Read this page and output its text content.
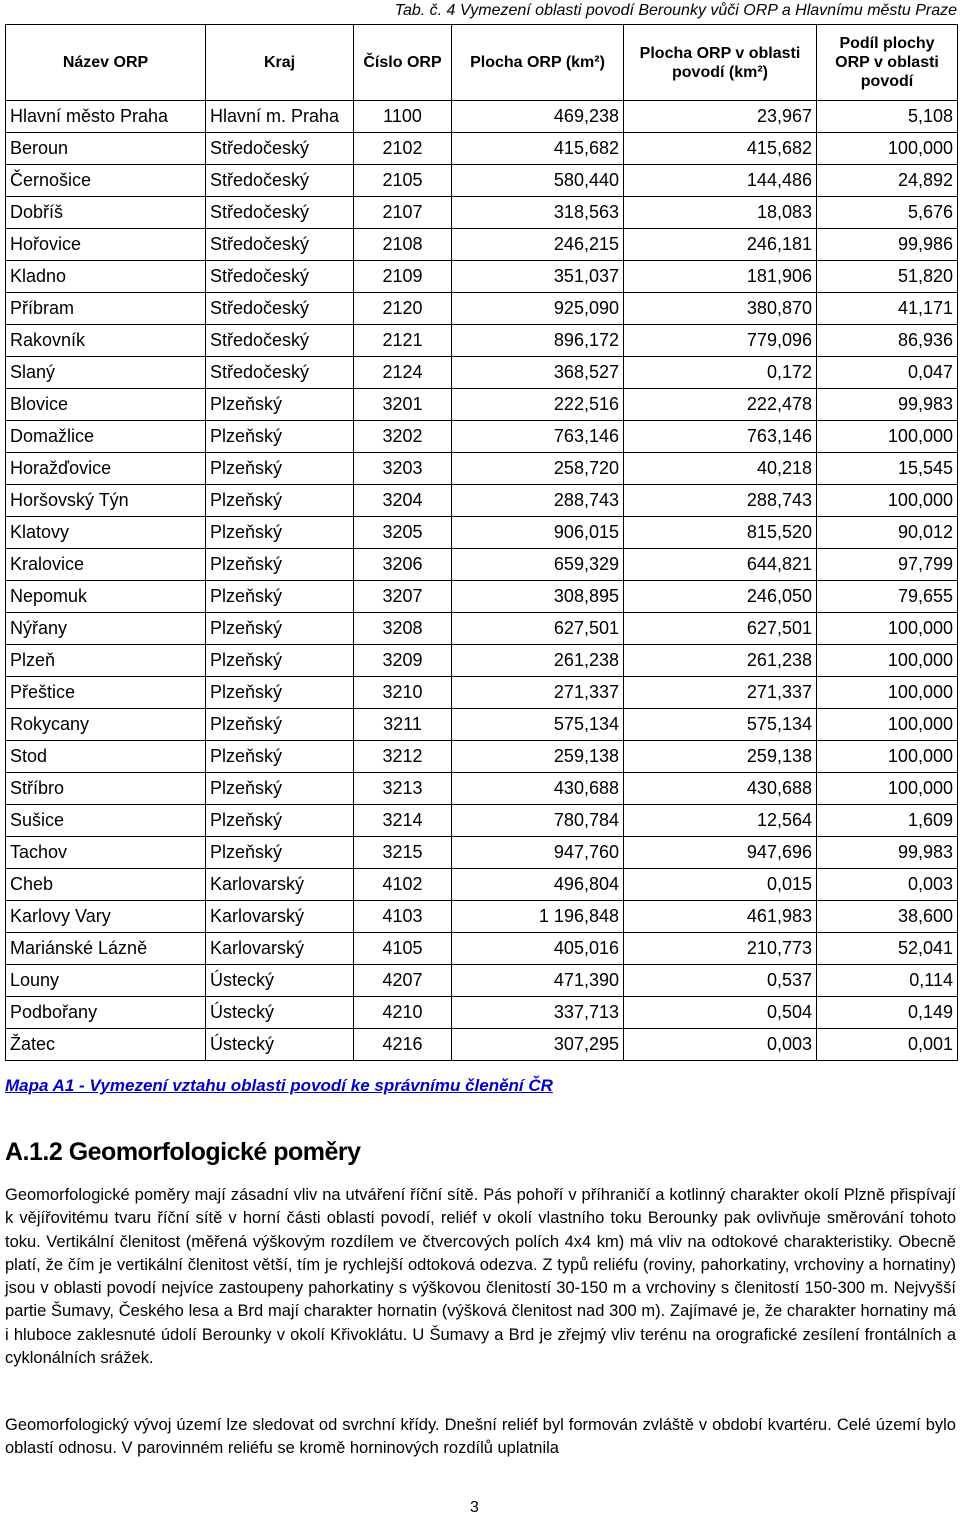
Tab. č. 4 Vymezení oblasti povodí Berounky vůči ORP a Hlavnímu městu Praze
Název ORP	Kraj	Číslo ORP	Plocha ORP (km²)	Plocha ORP v oblasti povodí (km²)	Podíl plochy ORP v oblasti povodí
Hlavní město Praha	Hlavní m. Praha	1100	469,238	23,967	5,108
Beroun	Středočeský	2102	415,682	415,682	100,000
Černošice	Středočeský	2105	580,440	144,486	24,892
Dobříš	Středočeský	2107	318,563	18,083	5,676
Hořovice	Středočeský	2108	246,215	246,181	99,986
Kladno	Středočeský	2109	351,037	181,906	51,820
Příbram	Středočeský	2120	925,090	380,870	41,171
Rakovník	Středočeský	2121	896,172	779,096	86,936
Slaný	Středočeský	2124	368,527	0,172	0,047
Blovice	Plzeňský	3201	222,516	222,478	99,983
Domažlice	Plzeňský	3202	763,146	763,146	100,000
Horažďovice	Plzeňský	3203	258,720	40,218	15,545
Horšovský Týn	Plzeňský	3204	288,743	288,743	100,000
Klatovy	Plzeňský	3205	906,015	815,520	90,012
Kralovice	Plzeňský	3206	659,329	644,821	97,799
Nepomuk	Plzeňský	3207	308,895	246,050	79,655
Nýřany	Plzeňský	3208	627,501	627,501	100,000
Plzeň	Plzeňský	3209	261,238	261,238	100,000
Přeštice	Plzeňský	3210	271,337	271,337	100,000
Rokycany	Plzeňský	3211	575,134	575,134	100,000
Stod	Plzeňský	3212	259,138	259,138	100,000
Stříbro	Plzeňský	3213	430,688	430,688	100,000
Sušice	Plzeňský	3214	780,784	12,564	1,609
Tachov	Plzeňský	3215	947,760	947,696	99,983
Cheb	Karlovarský	4102	496,804	0,015	0,003
Karlovy Vary	Karlovarský	4103	1 196,848	461,983	38,600
Mariánské Lázně	Karlovarský	4105	405,016	210,773	52,041
Louny	Ústecký	4207	471,390	0,537	0,114
Podbořany	Ústecký	4210	337,713	0,504	0,149
Žatec	Ústecký	4216	307,295	0,003	0,001
Mapa A1 - Vymezení vztahu oblasti povodí ke správnímu členění ČR
A.1.2 Geomorfologické poměry

Geomorfologické poměry mají zásadní vliv na utváření říční sítě. Pás pohoří v příhraničí a kotlinný charakter okolí Plzně přispívají k vějířovitému tvaru říční sítě v horní části oblasti povodí, reliéf v okolí vlastního toku Berounky pak ovlivňuje směrování tohoto toku. Vertikální členitost (měřená výškovým rozdílem ve čtvercových polích 4x4 km) má vliv na odtokové charakteristiky. Obecně platí, že čím je vertikální členitost větší, tím je rychlejší odtoková odezva. Z typů reliéfu (roviny, pahorkatiny, vrchoviny a hornatiny) jsou v oblasti povodí nejvíce zastoupeny pahorkatiny s výškovou členitostí 30-150 m a vrchoviny s členitostí 150-300 m. Nejvyšší partie Šumavy, Českého lesa a Brd mají charakter hornatin (výšková členitost nad 300 m). Zajímavé je, že charakter hornatiny má i hluboce zaklesnuté údolí Berounky v okolí Křivoklátu. U Šumavy a Brd je zřejmý vliv terénu na orografické zesílení frontálních a cyklonálních srážek.

Geomorfologický vývoj území lze sledovat od svrchní křídy. Dnešní reliéf byl formován zvláště v období kvartéru. Celé území bylo oblastí odnosu. V parovinném reliéfu se kromě horninových rozdílů uplatnila

3
